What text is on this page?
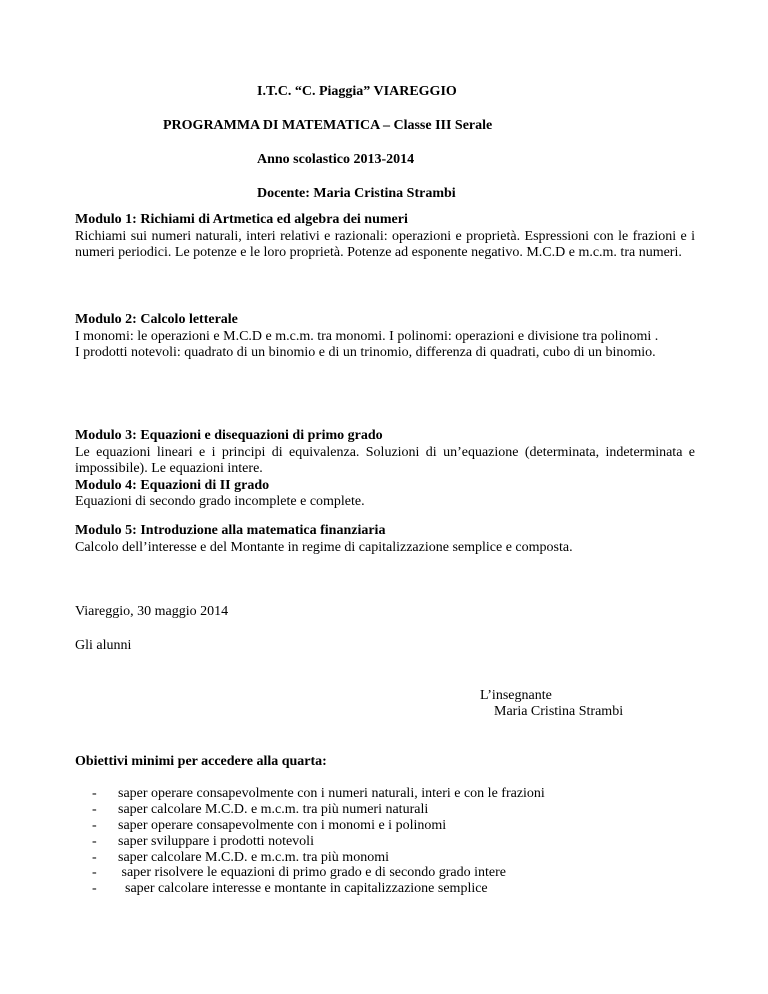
I.T.C. “C. Piaggia” VIAREGGIO
PROGRAMMA DI MATEMATICA – Classe III Serale
Anno scolastico 2013-2014
Docente: Maria Cristina Strambi
Modulo 1: Richiami di Artmetica ed algebra dei numeri
Richiami sui numeri naturali, interi relativi e razionali: operazioni e proprietà. Espressioni con le frazioni e i numeri periodici. Le potenze e le loro proprietà. Potenze ad esponente negativo. M.C.D e m.c.m. tra numeri.
Modulo 2: Calcolo letterale
I monomi: le operazioni e M.C.D e m.c.m. tra monomi. I polinomi: operazioni e divisione tra polinomi .
I prodotti notevoli: quadrato di un binomio e di un trinomio, differenza di quadrati, cubo di un binomio.
Modulo 3: Equazioni e disequazioni di primo grado
Le equazioni lineari e i principi di equivalenza. Soluzioni di un’equazione (determinata, indeterminata e impossibile). Le equazioni intere.
Modulo 4: Equazioni di II grado
Equazioni di secondo grado incomplete e complete.
Modulo 5: Introduzione alla matematica finanziaria
Calcolo dell’interesse e del Montante in regime di capitalizzazione semplice e composta.
Viareggio, 30 maggio 2014
Gli alunni
L’insegnante
Maria Cristina Strambi
Obiettivi minimi per accedere alla quarta:
- saper operare consapevolmente con i numeri naturali, interi e con le frazioni
- saper calcolare M.C.D. e m.c.m. tra più numeri naturali
- saper operare consapevolmente con i monomi e i polinomi
- saper sviluppare i prodotti notevoli
- saper calcolare M.C.D. e m.c.m. tra più monomi
- saper risolvere le equazioni di primo grado e di secondo grado intere
- saper calcolare interesse e montante in capitalizzazione semplice
